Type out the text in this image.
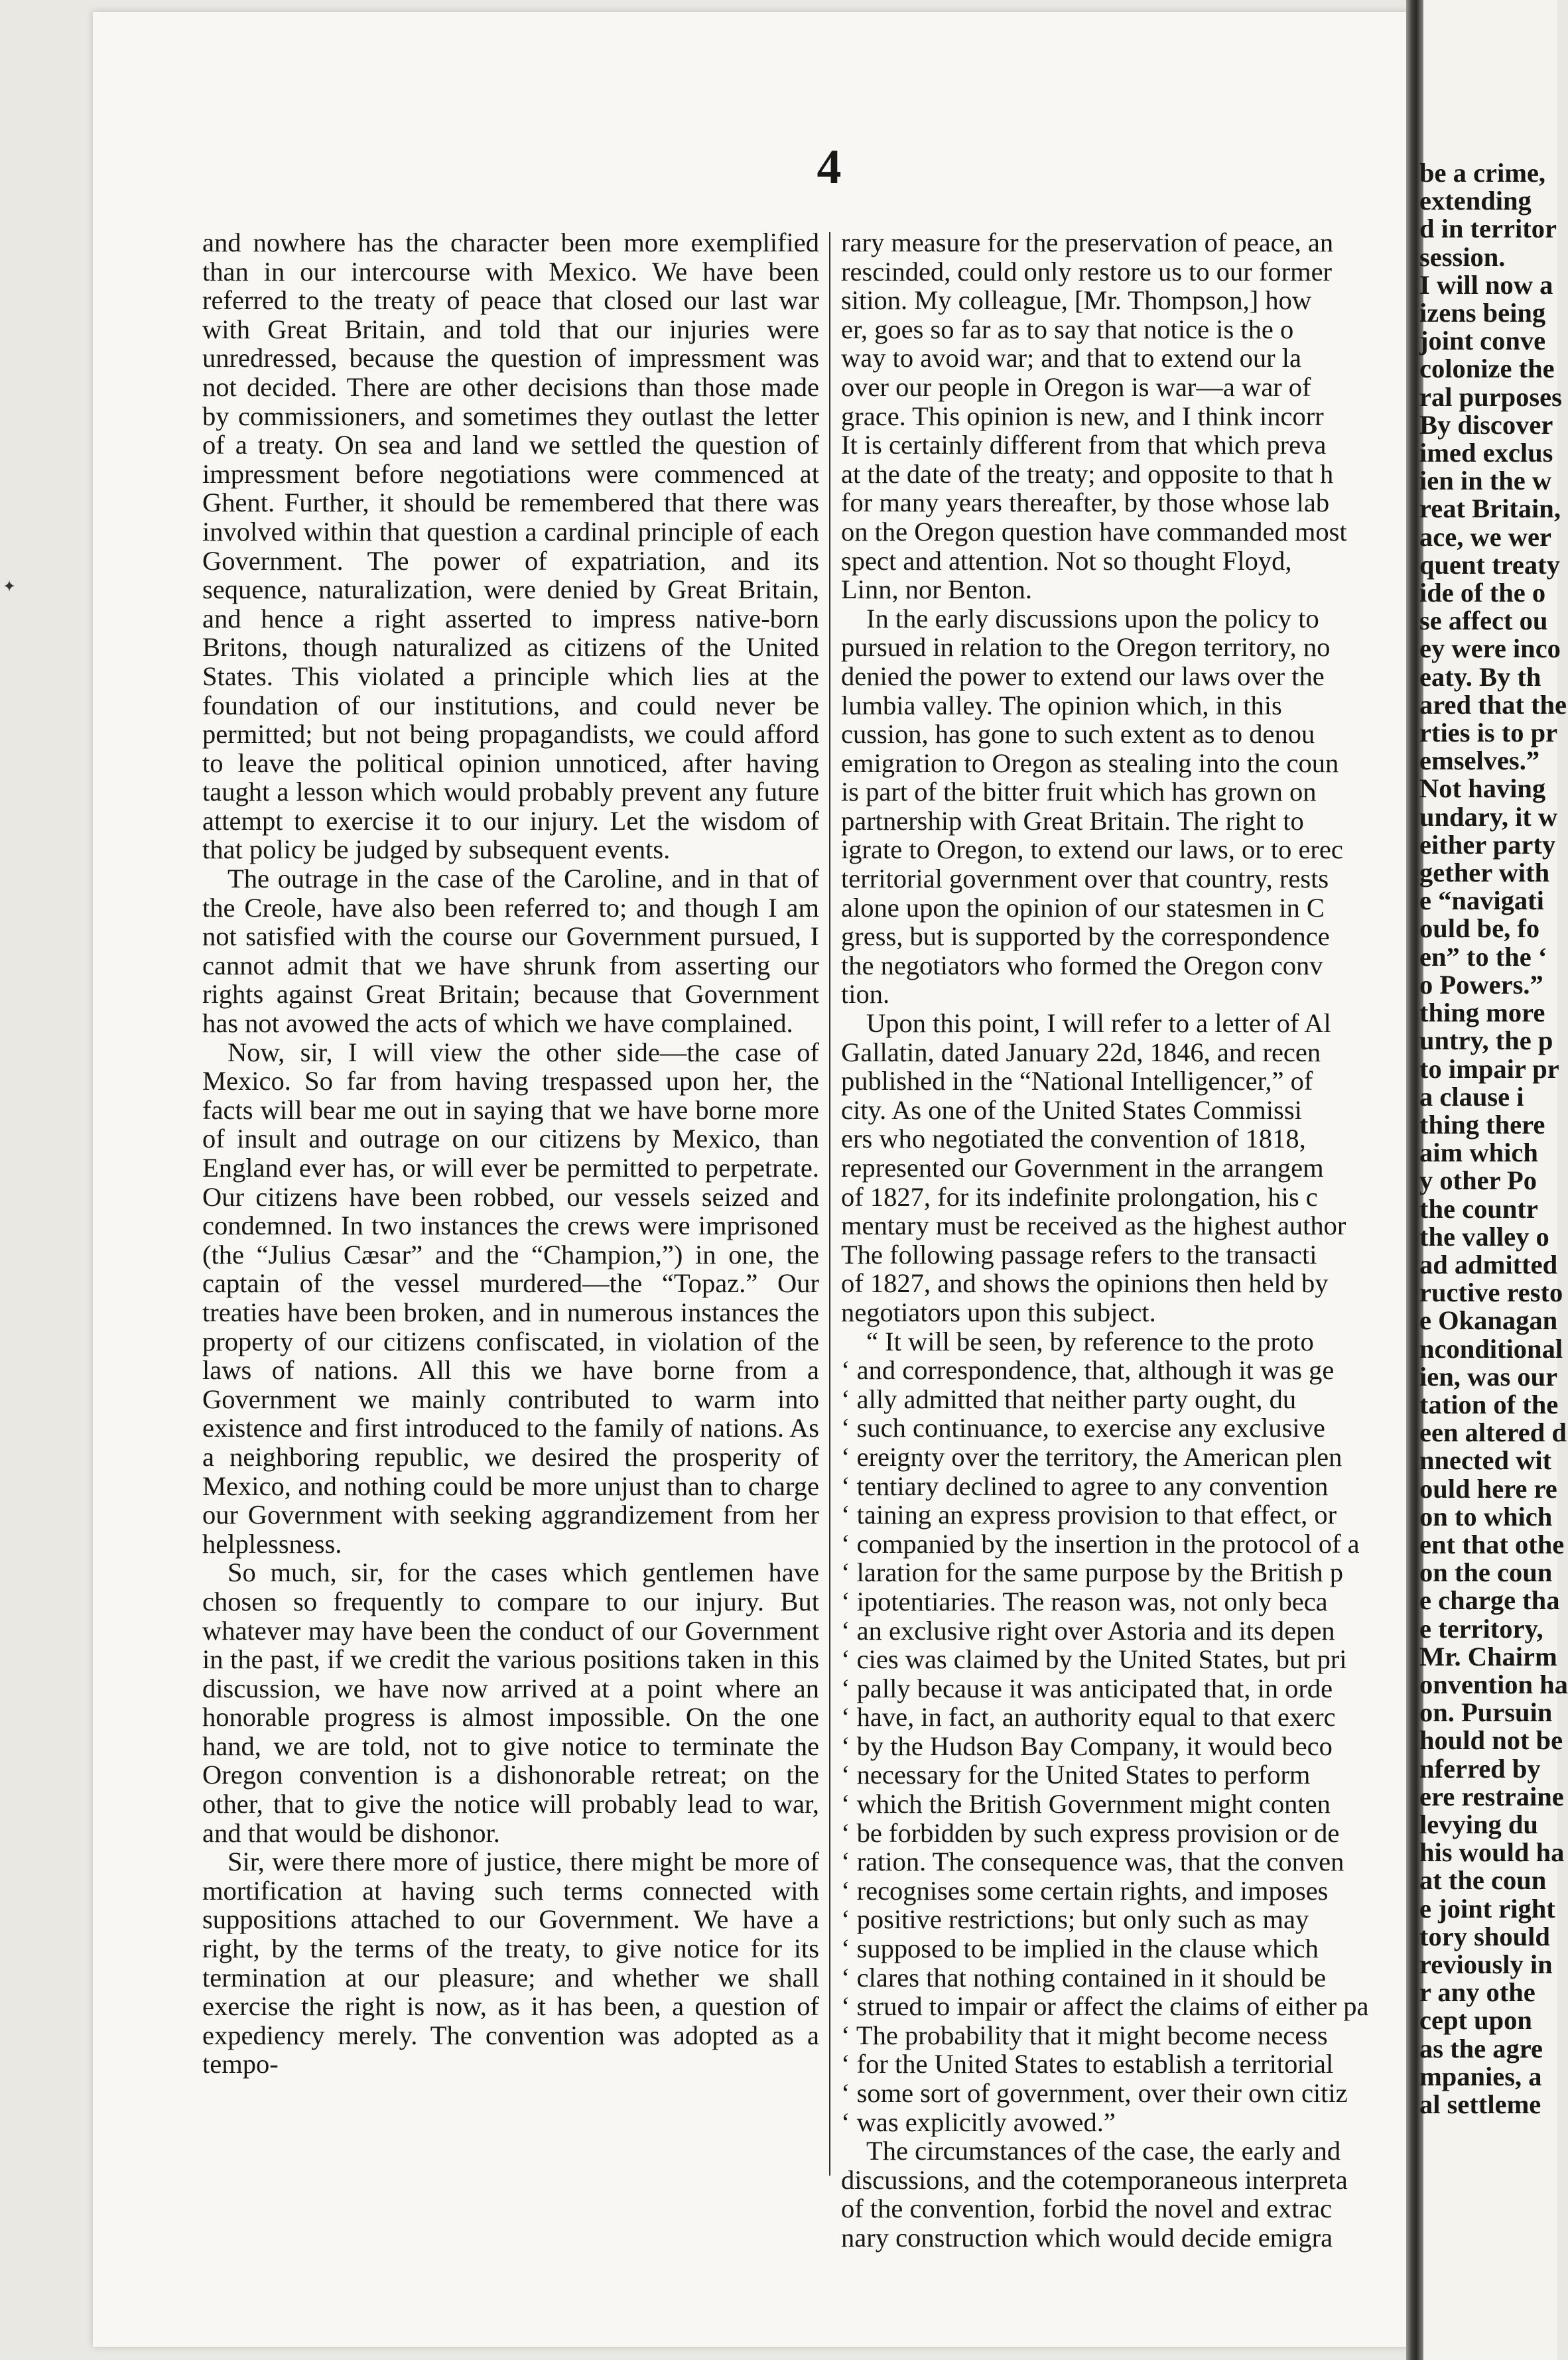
✦
4

and nowhere has the character been more exemplified than in our intercourse with Mexico. We have been referred to the treaty of peace that closed our last war with Great Britain, and told that our injuries were unredressed, because the question of impressment was not decided. There are other decisions than those made by commissioners, and sometimes they outlast the letter of a treaty. On sea and land we settled the question of impressment before negotiations were commenced at Ghent. Further, it should be remembered that there was involved within that question a cardinal principle of each Government. The power of expatriation, and its sequence, naturalization, were denied by Great Britain, and hence a right asserted to impress native-born Britons, though naturalized as citizens of the United States. This violated a principle which lies at the foundation of our institutions, and could never be permitted; but not being propagandists, we could afford to leave the political opinion unnoticed, after having taught a lesson which would probably prevent any future attempt to exercise it to our injury. Let the wisdom of that policy be judged by subsequent events.

The outrage in the case of the Caroline, and in that of the Creole, have also been referred to; and though I am not satisfied with the course our Government pursued, I cannot admit that we have shrunk from asserting our rights against Great Britain; because that Government has not avowed the acts of which we have complained.

Now, sir, I will view the other side—the case of Mexico. So far from having trespassed upon her, the facts will bear me out in saying that we have borne more of insult and outrage on our citizens by Mexico, than England ever has, or will ever be permitted to perpetrate. Our citizens have been robbed, our vessels seized and condemned. In two instances the crews were imprisoned (the “Julius Cæsar” and the “Champion,”) in one, the captain of the vessel murdered—the “Topaz.” Our treaties have been broken, and in numerous instances the property of our citizens confiscated, in violation of the laws of nations. All this we have borne from a Government we mainly contributed to warm into existence and first introduced to the family of nations. As a neighboring republic, we desired the prosperity of Mexico, and nothing could be more unjust than to charge our Government with seeking aggrandizement from her helplessness.

So much, sir, for the cases which gentlemen have chosen so frequently to compare to our injury. But whatever may have been the conduct of our Government in the past, if we credit the various positions taken in this discussion, we have now arrived at a point where an honorable progress is almost impossible. On the one hand, we are told, not to give notice to terminate the Oregon convention is a dishonorable retreat; on the other, that to give the notice will probably lead to war, and that would be dishonor.

Sir, were there more of justice, there might be more of mortification at having such terms connected with suppositions attached to our Government. We have a right, by the terms of the treaty, to give notice for its termination at our pleasure; and whether we shall exercise the right is now, as it has been, a question of expediency merely. The convention was adopted as a tempo-

rary measure for the preservation of peace, an
rescinded, could only restore us to our former
sition. My colleague, [Mr. Thompson,] how
er, goes so far as to say that notice is the o
way to avoid war; and that to extend our la
over our people in Oregon is war—a war of
grace. This opinion is new, and I think incorr
It is certainly different from that which preva
at the date of the treaty; and opposite to that h
for many years thereafter, by those whose lab
on the Oregon question have commanded most
spect and attention. Not so thought Floyd,
Linn, nor Benton.
In the early discussions upon the policy to
pursued in relation to the Oregon territory, no
denied the power to extend our laws over the
lumbia valley. The opinion which, in this
cussion, has gone to such extent as to denou
emigration to Oregon as stealing into the coun
is part of the bitter fruit which has grown on
partnership with Great Britain. The right to
igrate to Oregon, to extend our laws, or to erec
territorial government over that country, rests
alone upon the opinion of our statesmen in C
gress, but is supported by the correspondence
the negotiators who formed the Oregon conv
tion.
Upon this point, I will refer to a letter of Al
Gallatin, dated January 22d, 1846, and recen
published in the “National Intelligencer,” of
city. As one of the United States Commissi
ers who negotiated the convention of 1818,
represented our Government in the arrangem
of 1827, for its indefinite prolongation, his c
mentary must be received as the highest author
The following passage refers to the transacti
of 1827, and shows the opinions then held by
negotiators upon this subject.
“ It will be seen, by reference to the proto
‘ and correspondence, that, although it was ge
‘ ally admitted that neither party ought, du
‘ such continuance, to exercise any exclusive
‘ ereignty over the territory, the American plen
‘ tentiary declined to agree to any convention
‘ taining an express provision to that effect, or
‘ companied by the insertion in the protocol of a
‘ laration for the same purpose by the British p
‘ ipotentiaries. The reason was, not only beca
‘ an exclusive right over Astoria and its depen
‘ cies was claimed by the United States, but pri
‘ pally because it was anticipated that, in orde
‘ have, in fact, an authority equal to that exerc
‘ by the Hudson Bay Company, it would beco
‘ necessary for the United States to perform
‘ which the British Government might conten
‘ be forbidden by such express provision or de
‘ ration. The consequence was, that the conven
‘ recognises some certain rights, and imposes
‘ positive restrictions; but only such as may
‘ supposed to be implied in the clause which
‘ clares that nothing contained in it should be
‘ strued to impair or affect the claims of either pa
‘ The probability that it might become necess
‘ for the United States to establish a territorial
‘ some sort of government, over their own citiz
‘ was explicitly avowed.”
The circumstances of the case, the early and
discussions, and the cotemporaneous interpreta
of the convention, forbid the novel and extrac
nary construction which would decide emigra
be a crime,
extending
d in territor
session.
I will now a
izens being
joint conve
colonize the
ral purposes
By discover
imed exclus
ien in the w
reat Britain,
ace, we wer
quent treaty
ide of the o
se affect ou
ey were inco
eaty. By th
ared that the
rties is to pr
emselves.”
Not having
undary, it w
either party
gether with
e “navigati
ould be, fo
en” to the ‘
o Powers.”
thing more
untry, the p
to impair pr
a clause i
thing there
aim which
y other Po
the countr
the valley o
ad admitted
ructive resto
e Okanagan
nconditional
ien, was our
tation of the
een altered d
nnected wit
ould here re
on to which
ent that othe
on the coun
e charge tha
e territory,
Mr. Chairm
onvention ha
on. Pursuin
hould not be
nferred by
ere restraine
levying du
his would ha
at the coun
e joint right
tory should
reviously in
r any othe
cept upon
as the agre
mpanies, a
al settleme
